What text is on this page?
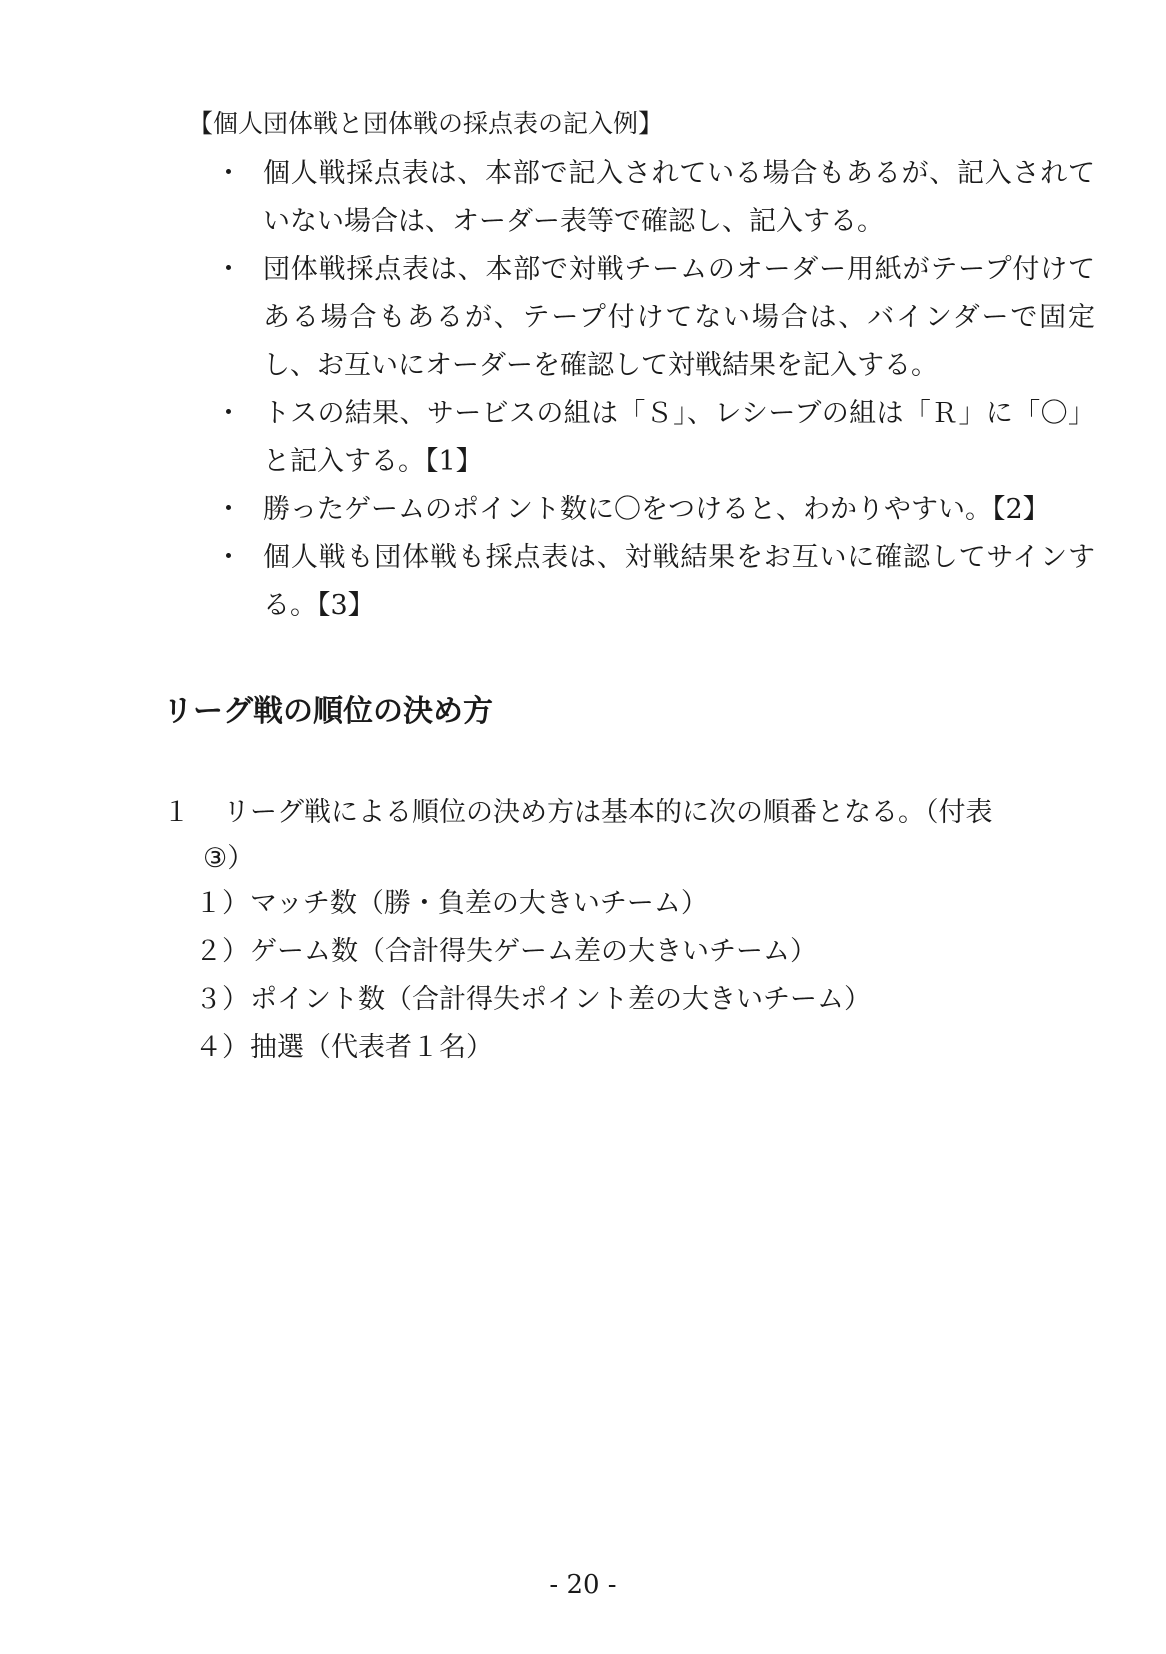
【個人団体戦と団体戦の採点表の記入例】
・ 個人戦採点表は、本部で記入されている場合もあるが、記入されていない場合は、オーダー表等で確認し、記入する。
・ 団体戦採点表は、本部で対戦チームのオーダー用紙がテープ付けてある場合もあるが、テープ付けてない場合は、バインダーで固定し、お互いにオーダーを確認して対戦結果を記入する。
・ トスの結果、サービスの組は「Ｓ」、レシーブの組は「Ｒ」に「〇」と記入する。【1】
・ 勝ったゲームのポイント数に〇をつけると、わかりやすい。【2】
・ 個人戦も団体戦も採点表は、対戦結果をお互いに確認してサインする。【3】
リーグ戦の順位の決め方
１	リーグ戦による順位の決め方は基本的に次の順番となる。（付表
③）
１）マッチ数（勝・負差の大きいチーム）
２）ゲーム数（合計得失ゲーム差の大きいチーム）
３）ポイント数（合計得失ポイント差の大きいチーム）
４）抽選（代表者１名）
- 20 -
